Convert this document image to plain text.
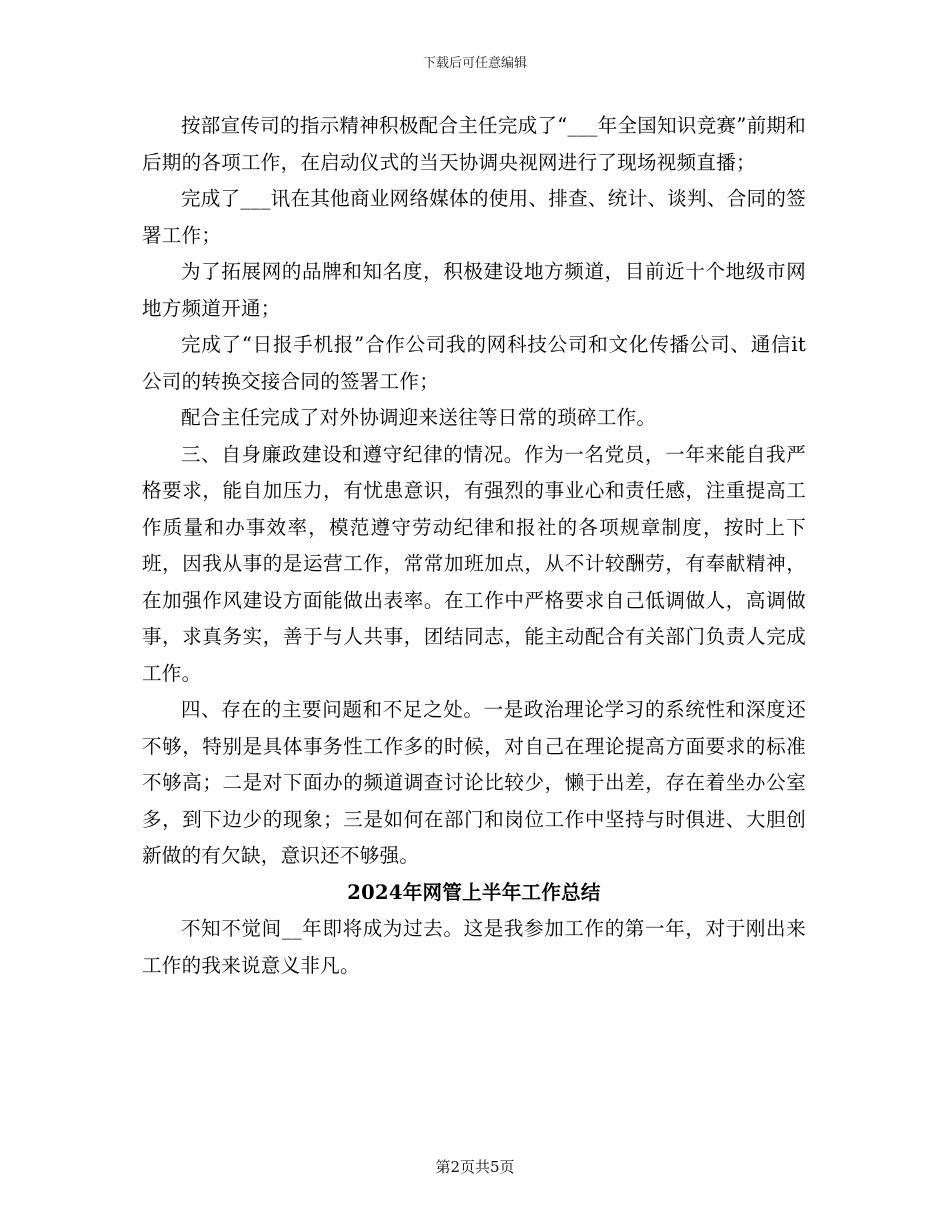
下载后可任意编辑

按部宣传司的指示精神积极配合主任完成了“___年全国知识竞赛”前期和后期的各项工作，在启动仪式的当天协调央视网进行了现场视频直播；

完成了___讯在其他商业网络媒体的使用、排查、统计、谈判、合同的签署工作；

为了拓展网的品牌和知名度，积极建设地方频道，目前近十个地级市网地方频道开通；

完成了“日报手机报”合作公司我的网科技公司和文化传播公司、通信it公司的转换交接合同的签署工作；

配合主任完成了对外协调迎来送往等日常的琐碎工作。

三、自身廉政建设和遵守纪律的情况。作为一名党员，一年来能自我严格要求，能自加压力，有忧患意识，有强烈的事业心和责任感，注重提高工作质量和办事效率，模范遵守劳动纪律和报社的各项规章制度，按时上下班，因我从事的是运营工作，常常加班加点，从不计较酬劳，有奉献精神，在加强作风建设方面能做出表率。在工作中严格要求自己低调做人，高调做事，求真务实，善于与人共事，团结同志，能主动配合有关部门负责人完成工作。

四、存在的主要问题和不足之处。一是政治理论学习的系统性和深度还不够，特别是具体事务性工作多的时候，对自己在理论提高方面要求的标准不够高；二是对下面办的频道调查讨论比较少，懒于出差，存在着坐办公室多，到下边少的现象；三是如何在部门和岗位工作中坚持与时俱进、大胆创新做的有欠缺，意识还不够强。

2024年网管上半年工作总结

不知不觉间__年即将成为过去。这是我参加工作的第一年，对于刚出来工作的我来说意义非凡。

第2页共5页
